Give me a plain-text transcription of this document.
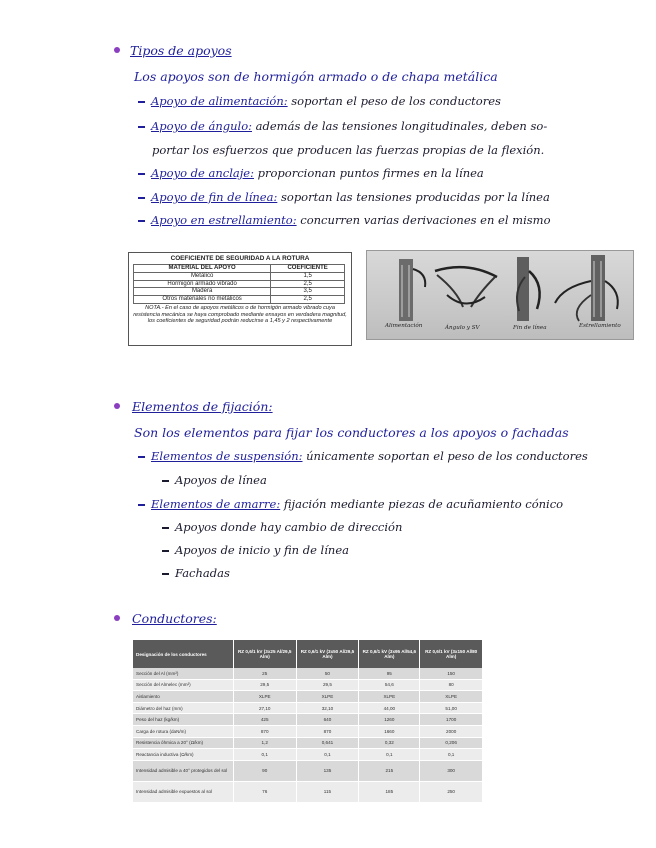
Tipos de apoyos
Los apoyos son de hormigón armado o de chapa metálica
Apoyo de alimentación: soportan el peso de los conductores
Apoyo de ángulo: además de las tensiones longitudinales, deben so-
portar los esfuerzos que producen las fuerzas propias de la flexión.
Apoyo de anclaje: proporcionan puntos firmes en la línea
Apoyo de fin de línea: soportan las tensiones producidas por la línea
Apoyo en estrellamiento: concurren varias derivaciones en el mismo
COEFICIENTE DE SEGURIDAD A LA ROTURA
MATERIAL DEL APOYO	COEFICIENTE
Metálico	1,5
Hormigón armado vibrado	2,5
Madera	3,5
Otros materiales no metálicos	2,5
NOTA.- En el caso de apoyos metálicos o de hormigón armado vibrado cuya resistencia mecánica se haya comprobado mediante ensayos en verdadera magnitud, los coeficientes de seguridad podrán reducirse a 1,45 y 2 respectivamente
Alimentación	Ángulo y SV	Fin de línea	Estrellamiento
Elementos de fijación:
Son los elementos para fijar los conductores a los apoyos o fachadas
Elementos de suspensión: únicamente soportan el peso de los conductores
Apoyos de línea
Elementos de amarre: fijación mediante piezas de acuñamiento cónico
Apoyos donde hay cambio de dirección
Apoyos de inicio y fin de línea
Fachadas
Conductores:
Designación de los conductores	RZ 0,6/1 kV (3x25 Al/29,5 Alm)	RZ 0,6/1 kV (3x50 Al/29,5 Alm)	RZ 0,6/1 kV (3x95 Al/54,6 Alm)	RZ 0,6/1 kV (3x150 Al/80 Alm)
Sección del Al (mm²)	25	50	95	150
Sección del Almelec (mm²)	29,5	29,5	54,6	80
Aislamiento	XLPE	XLPE	XLPE	XLPE
Diámetro del haz (mm)	27,10	32,10	44,00	51,00
Peso del haz (kg/km)	425	640	1260	1700
Carga de rotura (daN/m)	870	870	1660	2000
Resistencia óhmica a 20° (Ω/km)	1,2	0,641	0,32	0,206
Reactancia inductiva (Ω/km)	0,1	0,1	0,1	0,1
Intensidad admisible a 40° protegidos del sol	90	135	215	300
Intensidad admisible expuestos al sol	76	115	185	250
